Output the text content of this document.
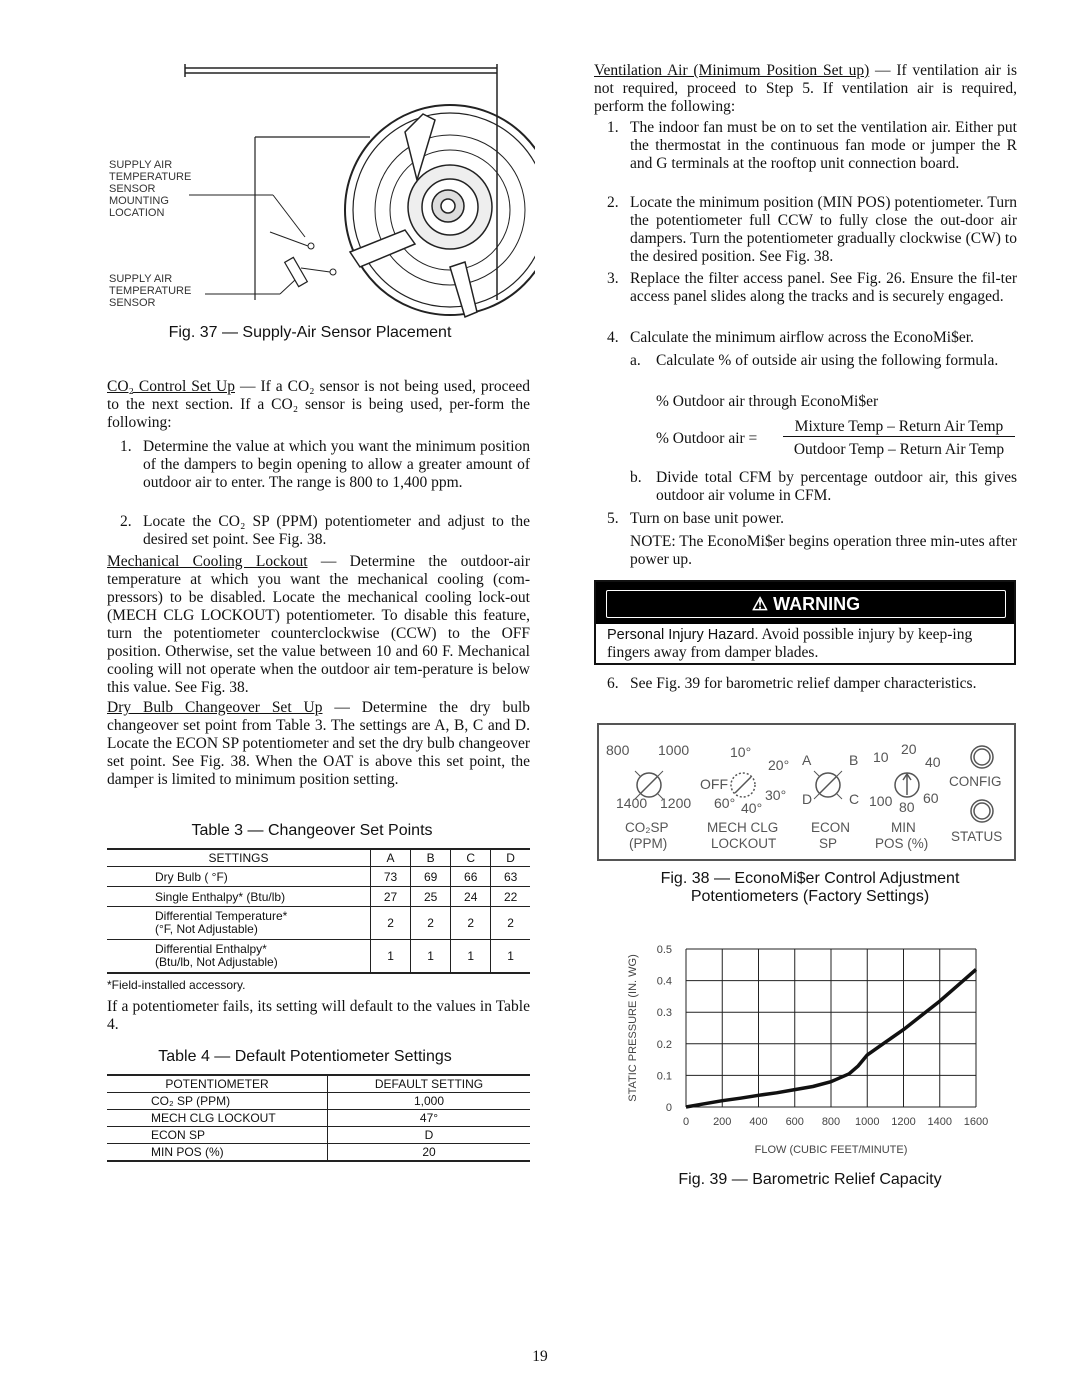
SUPPLY AIR
TEMPERATURE
SENSOR
MOUNTING
LOCATION
SUPPLY AIR
TEMPERATURE
SENSOR
Fig. 37 — Supply-Air Sensor Placement
CO₂ Control Set Up — If a CO₂ sensor is not being used, proceed to the next section. If a CO₂ sensor is being used, per-form the following:
1. Determine the value at which you want the minimum position of the dampers to begin opening to allow a greater amount of outdoor air to enter. The range is 800 to 1,400 ppm.
2. Locate the CO₂ SP (PPM) potentiometer and adjust to the desired set point. See Fig. 38.
Mechanical Cooling Lockout — Determine the outdoor-air temperature at which you want the mechanical cooling (com-pressors) to be disabled. Locate the mechanical cooling lock-out (MECH CLG LOCKOUT) potentiometer. To disable this feature, turn the potentiometer counterclockwise (CCW) to the OFF position. Otherwise, set the value between 10 and 60 F. Mechanical cooling will not operate when the outdoor air tem-perature is below this value. See Fig. 38.
Dry Bulb Changeover Set Up — Determine the dry bulb changeover set point from Table 3. The settings are A, B, C and D. Locate the ECON SP potentiometer and set the dry bulb changeover set point. See Fig. 38. When the OAT is above this set point, the damper is limited to minimum position setting.
Table 3 — Changeover Set Points
SETTINGS	A	B	C	D
Dry Bulb ( °F)	73	69	66	63
Single Enthalpy* (Btu/lb)	27	25	24	22

Differential Temperature*
(°F, Not Adjustable)	2	2	2	2

Differential Enthalpy*
(Btu/lb, Not Adjustable)	1	1	1	1
*Field-installed accessory.
If a potentiometer fails, its setting will default to the values in Table 4.
Table 4 — Default Potentiometer Settings
POTENTIOMETER	DEFAULT SETTING
CO₂ SP (PPM)	1,000
MECH CLG LOCKOUT	47°
ECON SP	D
MIN POS (%)	20
Ventilation Air (Minimum Position Set up) — If ventilation air is not required, proceed to Step 5. If ventilation air is required, perform the following:
1. The indoor fan must be on to set the ventilation air. Either put the thermostat in the continuous fan mode or jumper the R and G terminals at the rooftop unit connection board.
2. Locate the minimum position (MIN POS) potentiometer. Turn the potentiometer full CCW to fully close the out-door air dampers. Turn the potentiometer gradually clockwise (CW) to the desired position. See Fig. 38.
3. Replace the filter access panel. See Fig. 26. Ensure the fil-ter access panel slides along the tracks and is securely engaged.
4. Calculate the minimum airflow across the EconoMi$er.
a. Calculate % of outside air using the following formula.
% Outdoor air through EconoMi$er
% Outdoor air =
Mixture Temp – Return Air Temp
Outdoor Temp – Return Air Temp
b. Divide total CFM by percentage outdoor air, this gives outdoor air volume in CFM.
5. Turn on base unit power.
NOTE: The EconoMi$er begins operation three min-utes after power up.
⚠ WARNING
Personal Injury Hazard. Avoid possible injury by keep-ing fingers away from damper blades.
6. See Fig. 39 for barometric relief damper characteristics.
800 1000
1400 1200
CO₂SP
(PPM)
10°
20°
OFF
30°
60° 40°
MECH CLG
LOCKOUT
A	B
D	C
ECON
SP
10 20
40
100 80
60
MIN
POS (%)
CONFIG
STATUS
Fig. 38 — EconoMi$er Control Adjustment
Potentiometers (Factory Settings)
0 200 400 600 800 1000 1200 1400 1600
0
0.1
0.2
0.3
0.4
0.5
FLOW (CUBIC FEET/MINUTE)
STATIC PRESSURE (IN. WG)
Fig. 39 — Barometric Relief Capacity
19
